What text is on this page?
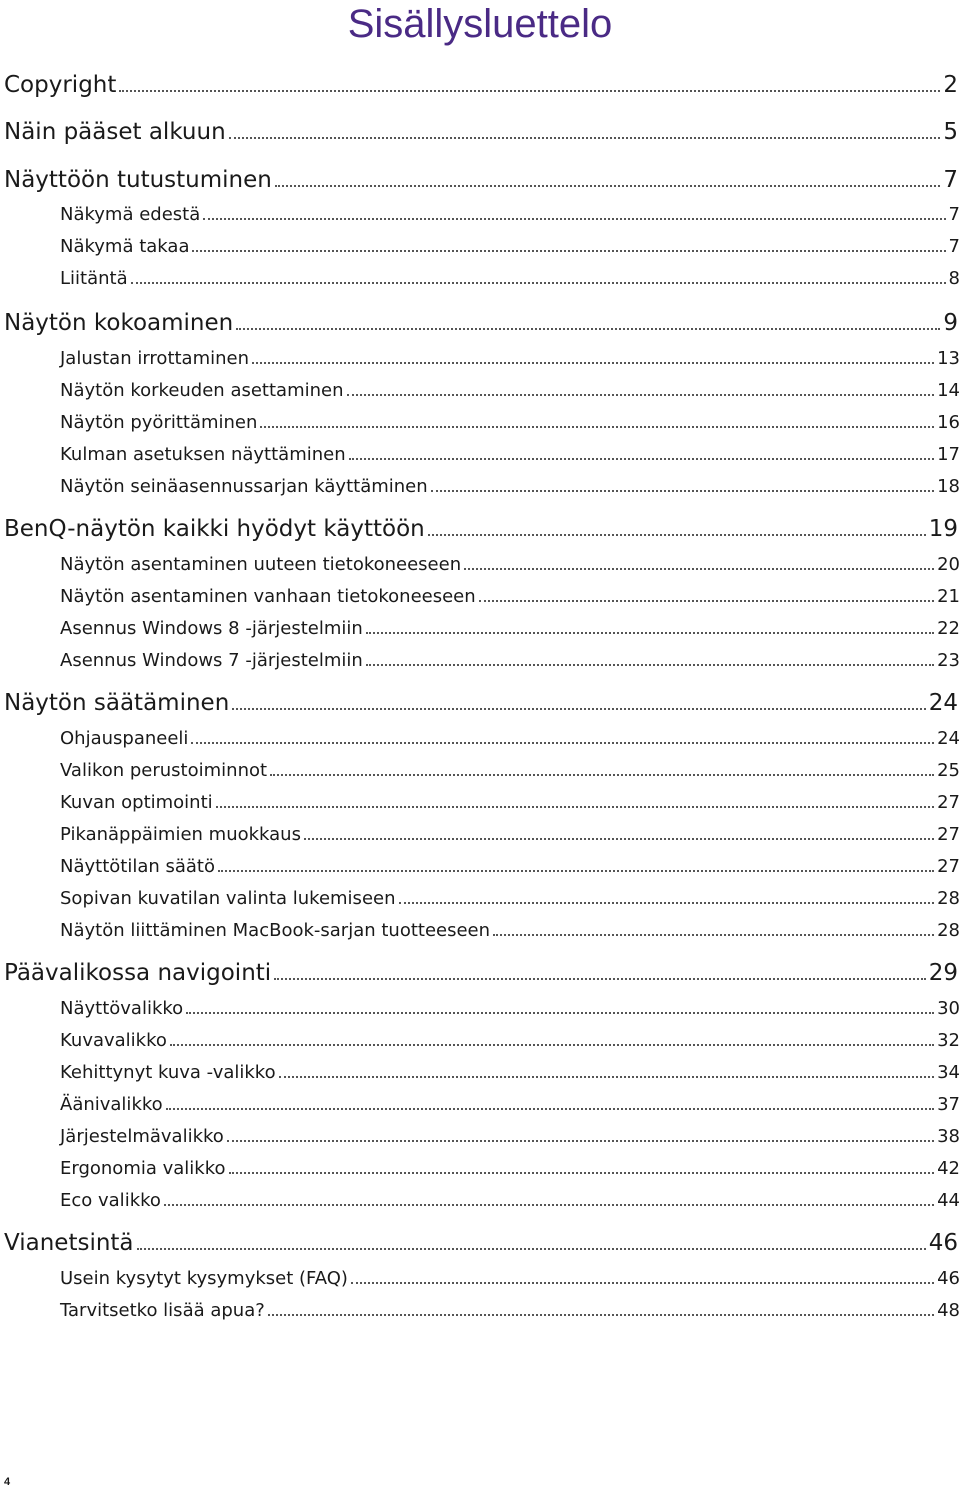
Sisällysluettelo
Copyright	2
Näin pääset alkuun	5
Näyttöön tutustuminen	7
Näkymä edestä	7
Näkymä takaa	7
Liitäntä	8
Näytön kokoaminen	9
Jalustan irrottaminen	13
Näytön korkeuden asettaminen	14
Näytön pyörittäminen	16
Kulman asetuksen näyttäminen	17
Näytön seinäasennussarjan käyttäminen	18
BenQ-näytön kaikki hyödyt käyttöön	19
Näytön asentaminen uuteen tietokoneeseen	20
Näytön asentaminen vanhaan tietokoneeseen	21
Asennus Windows 8 -järjestelmiin	22
Asennus Windows 7 -järjestelmiin	23
Näytön säätäminen	24
Ohjauspaneeli	24
Valikon perustoiminnot	25
Kuvan optimointi	27
Pikanäppäimien muokkaus	27
Näyttötilan säätö	27
Sopivan kuvatilan valinta lukemiseen	28
Näytön liittäminen MacBook-sarjan tuotteeseen	28
Päävalikossa navigointi	29
Näyttövalikko	30
Kuvavalikko	32
Kehittynyt kuva -valikko	34
Äänivalikko	37
Järjestelmävalikko	38
Ergonomia valikko	42
Eco valikko	44
Vianetsintä	46
Usein kysytyt kysymykset (FAQ)	46
Tarvitsetko lisää apua?	48
4
